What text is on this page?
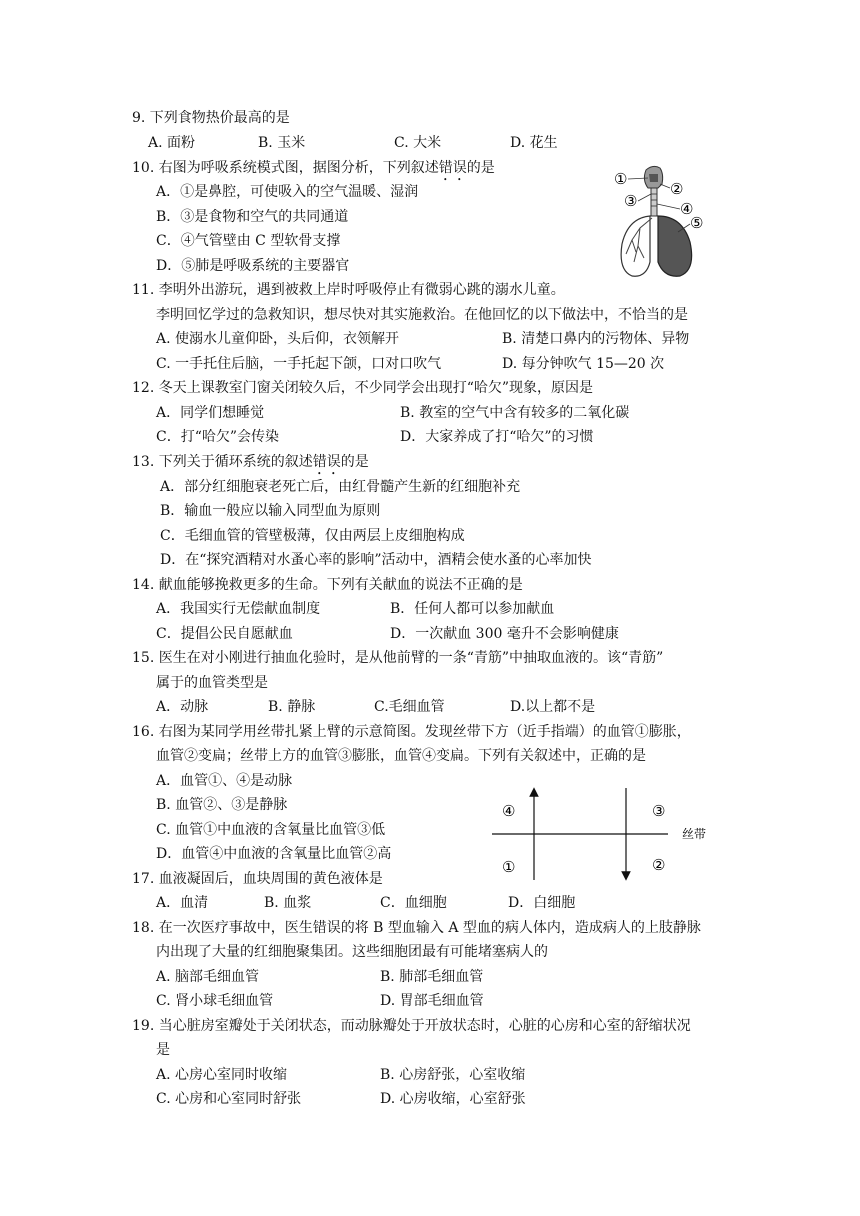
9. 下列食物热价最高的是
A. 面粉	B. 玉米	C. 大米	D. 花生
10. 右图为呼吸系统模式图，据图分析，下列叙述错误的是
A．①是鼻腔，可使吸入的空气温暖、湿润
B．③是食物和空气的共同通道
C．④气管壁由 C 型软骨支撑
D．⑤肺是呼吸系统的主要器官
①
②
③	④
⑤
11. 李明外出游玩，遇到被救上岸时呼吸停止有微弱心跳的溺水儿童。
李明回忆学过的急救知识，想尽快对其实施救治。在他回忆的以下做法中，不恰当的是
A. 使溺水儿童仰卧，头后仰，衣领解开	B. 清楚口鼻内的污物体、异物
C. 一手托住后脑，一手托起下颌，口对口吹气	D. 每分钟吹气 15—20 次
12. 冬天上课教室门窗关闭较久后，不少同学会出现打“哈欠”现象，原因是
A．同学们想睡觉	B. 教室的空气中含有较多的二氧化碳
C．打“哈欠”会传染	D．大家养成了打“哈欠”的习惯
13. 下列关于循环系统的叙述错误的是
A．部分红细胞衰老死亡后，由红骨髓产生新的红细胞补充
B．输血一般应以输入同型血为原则
C．毛细血管的管壁极薄，仅由两层上皮细胞构成
D．在“探究酒精对水蚤心率的影响”活动中，酒精会使水蚤的心率加快
14. 献血能够挽救更多的生命。下列有关献血的说法不正确的是
A．我国实行无偿献血制度	B．任何人都可以参加献血
C．提倡公民自愿献血	D．一次献血 300 毫升不会影响健康
15. 医生在对小刚进行抽血化验时，是从他前臂的一条“青筋”中抽取血液的。该“青筋”
属于的血管类型是
A．动脉	B. 静脉	C.毛细血管	D.以上都不是
16. 右图为某同学用丝带扎紧上臂的示意简图。发现丝带下方（近手指端）的血管①膨胀，
血管②变扁；丝带上方的血管③膨胀，血管④变扁。下列有关叙述中，正确的是
A．血管①、④是动脉
B. 血管②、③是静脉
C. 血管①中血液的含氧量比血管③低
D．血管④中血液的含氧量比血管②高
④	③
①	②
丝带
17. 血液凝固后，血块周围的黄色液体是
A．血清	B. 血浆	C．血细胞	D．白细胞
18. 在一次医疗事故中，医生错误的将 B 型血输入 A 型血的病人体内，造成病人的上肢静脉
内出现了大量的红细胞聚集团。这些细胞团最有可能堵塞病人的
A. 脑部毛细血管	B. 肺部毛细血管
C. 肾小球毛细血管	D. 胃部毛细血管
19. 当心脏房室瓣处于关闭状态，而动脉瓣处于开放状态时，心脏的心房和心室的舒缩状况
是
A. 心房心室同时收缩	B. 心房舒张，心室收缩
C. 心房和心室同时舒张	D. 心房收缩，心室舒张
